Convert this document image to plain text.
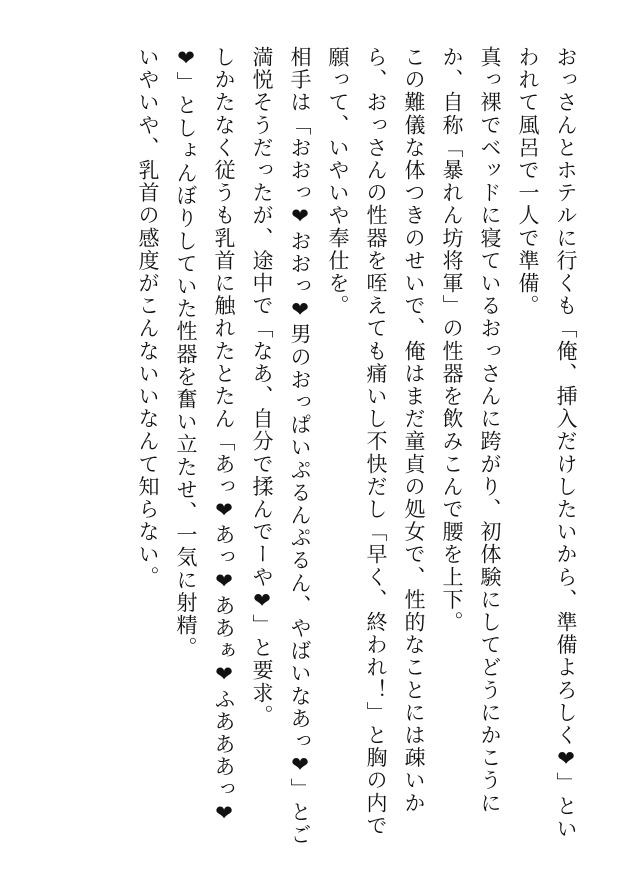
おっさんとホテルに行くも「俺、挿入だけしたいから、準備よろしく❤」といわれて風呂で一人で準備。

真っ裸でベッドに寝ているおっさんに跨がり、初体験にしてどうにかこうにか、自称「暴れん坊将軍」の性器を飲みこんで腰を上下。

この難儀な体つきのせいで、俺はまだ童貞の処女で、性的なことには疎いから、おっさんの性器を咥えても痛いし不快だし「早く、終われ！」と胸の内で願って、いやいや奉仕を。

相手は「おおっ❤おおっ❤男のおっぱいぷるんぷるん、やばいなあっ❤」とご満悦そうだったが、途中で「なあ、自分で揉んでーや❤」と要求。

しかたなく従うも乳首に触れたとたん「あっ❤あっ❤ああぁ❤ふあああっ❤❤」としょんぼりしていた性器を奮い立たせ、一気に射精。

いやいや、乳首の感度がこんないいなんて知らない。
